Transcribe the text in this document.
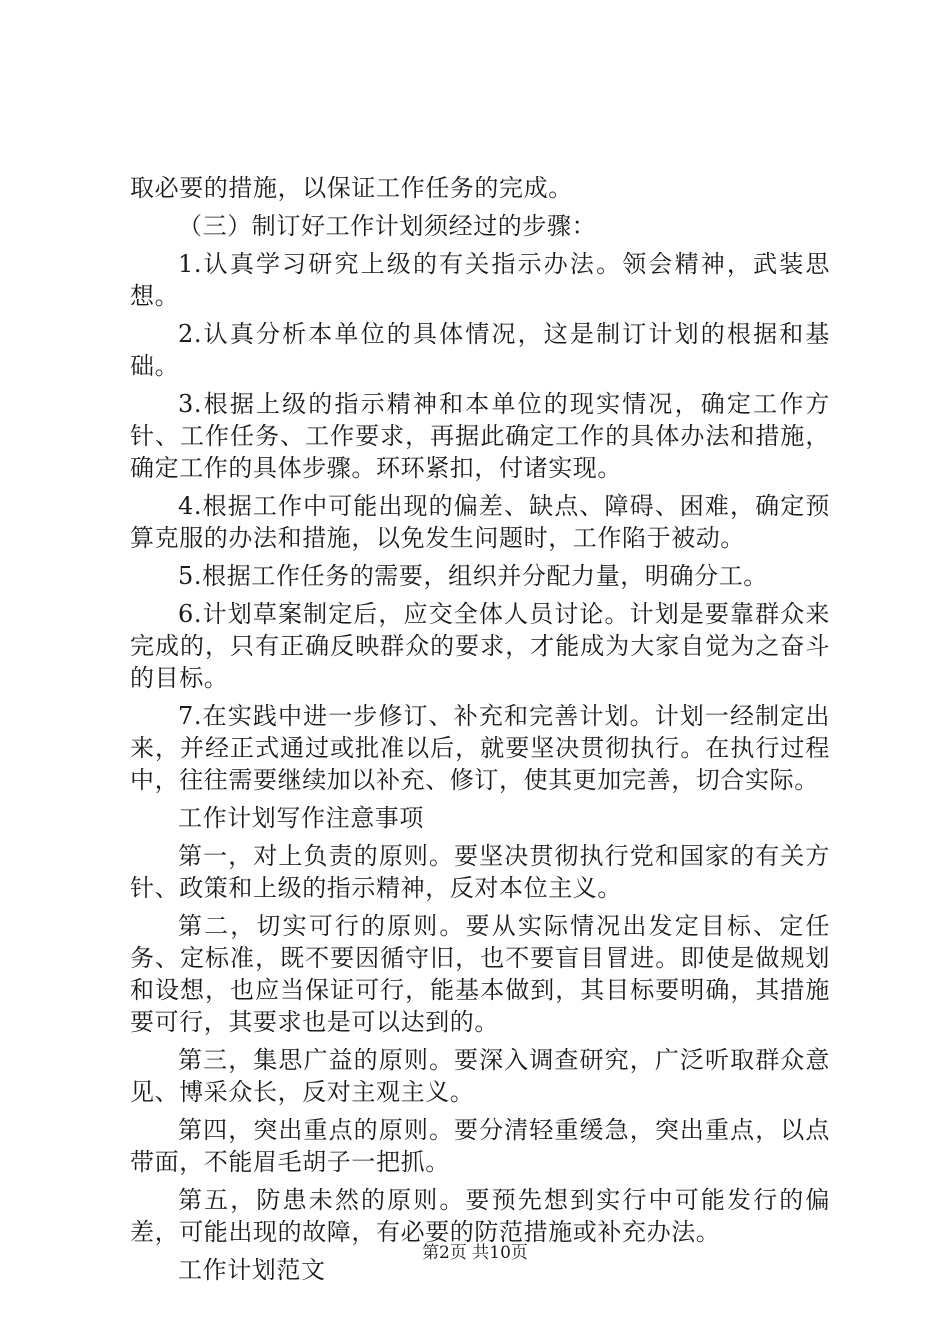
取必要的措施，以保证工作任务的完成。

（三）制订好工作计划须经过的步骤：

1.认真学习研究上级的有关指示办法。领会精神，武装思想。

2.认真分析本单位的具体情况，这是制订计划的根据和基础。

3.根据上级的指示精神和本单位的现实情况，确定工作方针、工作任务、工作要求，再据此确定工作的具体办法和措施，确定工作的具体步骤。环环紧扣，付诸实现。

4.根据工作中可能出现的偏差、缺点、障碍、困难，确定预算克服的办法和措施，以免发生问题时，工作陷于被动。

5.根据工作任务的需要，组织并分配力量，明确分工。

6.计划草案制定后，应交全体人员讨论。计划是要靠群众来完成的，只有正确反映群众的要求，才能成为大家自觉为之奋斗的目标。

7.在实践中进一步修订、补充和完善计划。计划一经制定出来，并经正式通过或批准以后，就要坚决贯彻执行。在执行过程中，往往需要继续加以补充、修订，使其更加完善，切合实际。

工作计划写作注意事项

第一，对上负责的原则。要坚决贯彻执行党和国家的有关方针、政策和上级的指示精神，反对本位主义。

第二，切实可行的原则。要从实际情况出发定目标、定任务、定标准，既不要因循守旧，也不要盲目冒进。即使是做规划和设想，也应当保证可行，能基本做到，其目标要明确，其措施要可行，其要求也是可以达到的。

第三，集思广益的原则。要深入调查研究，广泛听取群众意见、博采众长，反对主观主义。

第四，突出重点的原则。要分清轻重缓急，突出重点，以点带面，不能眉毛胡子一把抓。

第五，防患未然的原则。要预先想到实行中可能发行的偏差，可能出现的故障，有必要的防范措施或补充办法。

工作计划范文

第2页 共10页
